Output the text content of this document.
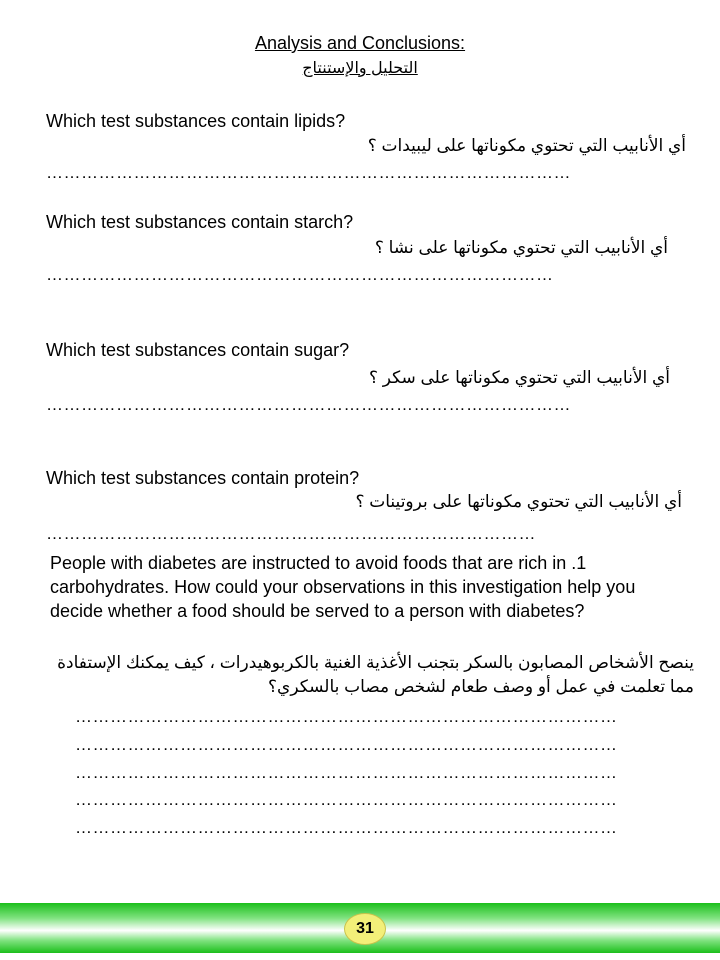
Analysis and Conclusions:
التحليل والإستنتاج
Which test substances contain lipids?
أي الأنابيب التي تحتوي مكوناتها على ليبيدات ؟
………………………………………………………………………………
Which test substances contain starch?
أي الأنابيب التي تحتوي مكوناتها على نشا ؟
……………………………………………………………………………
Which test substances contain sugar?
أي الأنابيب التي تحتوي مكوناتها على سكر ؟
………………………………………………………………………………
Which test substances contain protein?
أي الأنابيب التي تحتوي مكوناتها على بروتينات ؟
…………………………………………………………………………
People with diabetes are instructed to avoid foods that are rich in .1 carbohydrates. How could your observations in this investigation help you decide whether a food should be served to a person with diabetes?
ينصح الأشخاص المصابون بالسكر بتجنب الأغذية الغنية بالكربوهيدرات ، كيف يمكنك الإستفادة مما تعلمت في عمل أو وصف طعام لشخص مصاب بالسكري؟
…………………………………………………………………………………
…………………………………………………………………………………
…………………………………………………………………………………
…………………………………………………………………………………
…………………………………………………………………………………
31
